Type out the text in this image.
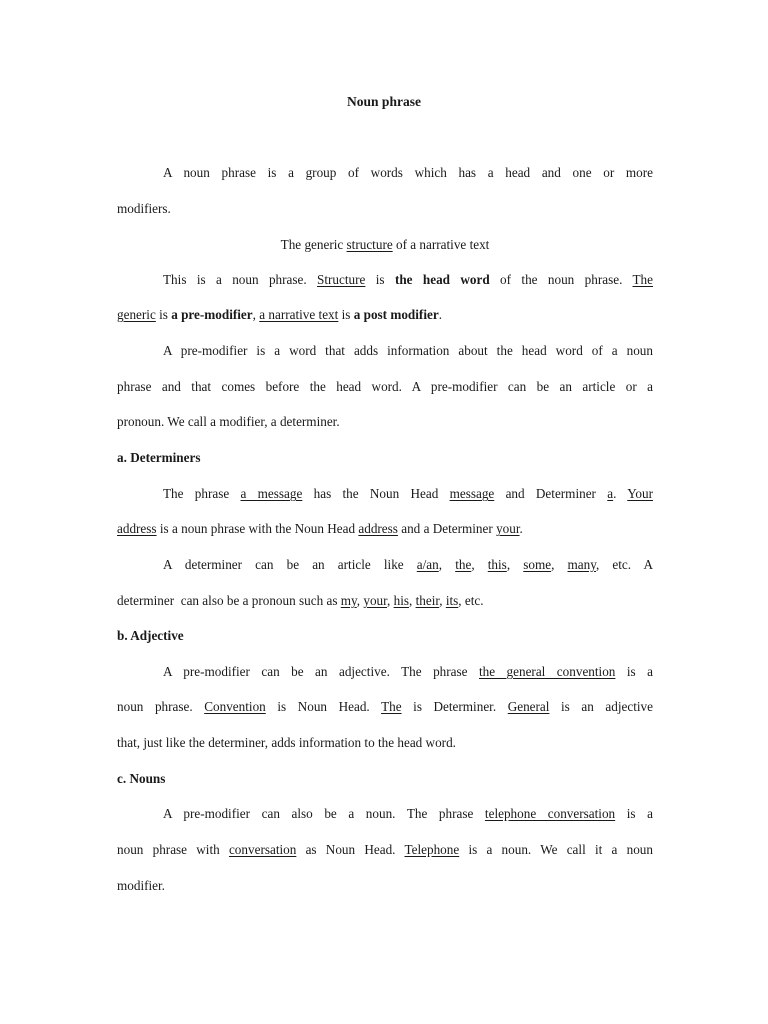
Noun phrase
A noun phrase is a group of words which has a head and one or more
modifiers.
The generic structure of a narrative text
This is a noun phrase. Structure is the head word of the noun phrase. The
generic is a pre-modifier, a narrative text is a post modifier.
A pre-modifier is a word that adds information about the head word of a noun
phrase and that comes before the head word. A pre-modifier can be an article or a
pronoun. We call a modifier, a determiner.
a. Determiners
The phrase a message has the Noun Head message and Determiner a. Your
address is a noun phrase with the Noun Head address and a Determiner your.
A determiner can be an article like a/an, the, this, some, many, etc. A
determiner  can also be a pronoun such as my, your, his, their, its, etc.
b. Adjective
A pre-modifier can be an adjective. The phrase the general convention is a
noun phrase. Convention is Noun Head. The is Determiner. General is an adjective
that, just like the determiner, adds information to the head word.
c. Nouns
A pre-modifier can also be a noun. The phrase telephone conversation is a
noun phrase with conversation as Noun Head. Telephone is a noun. We call it a noun
modifier.
